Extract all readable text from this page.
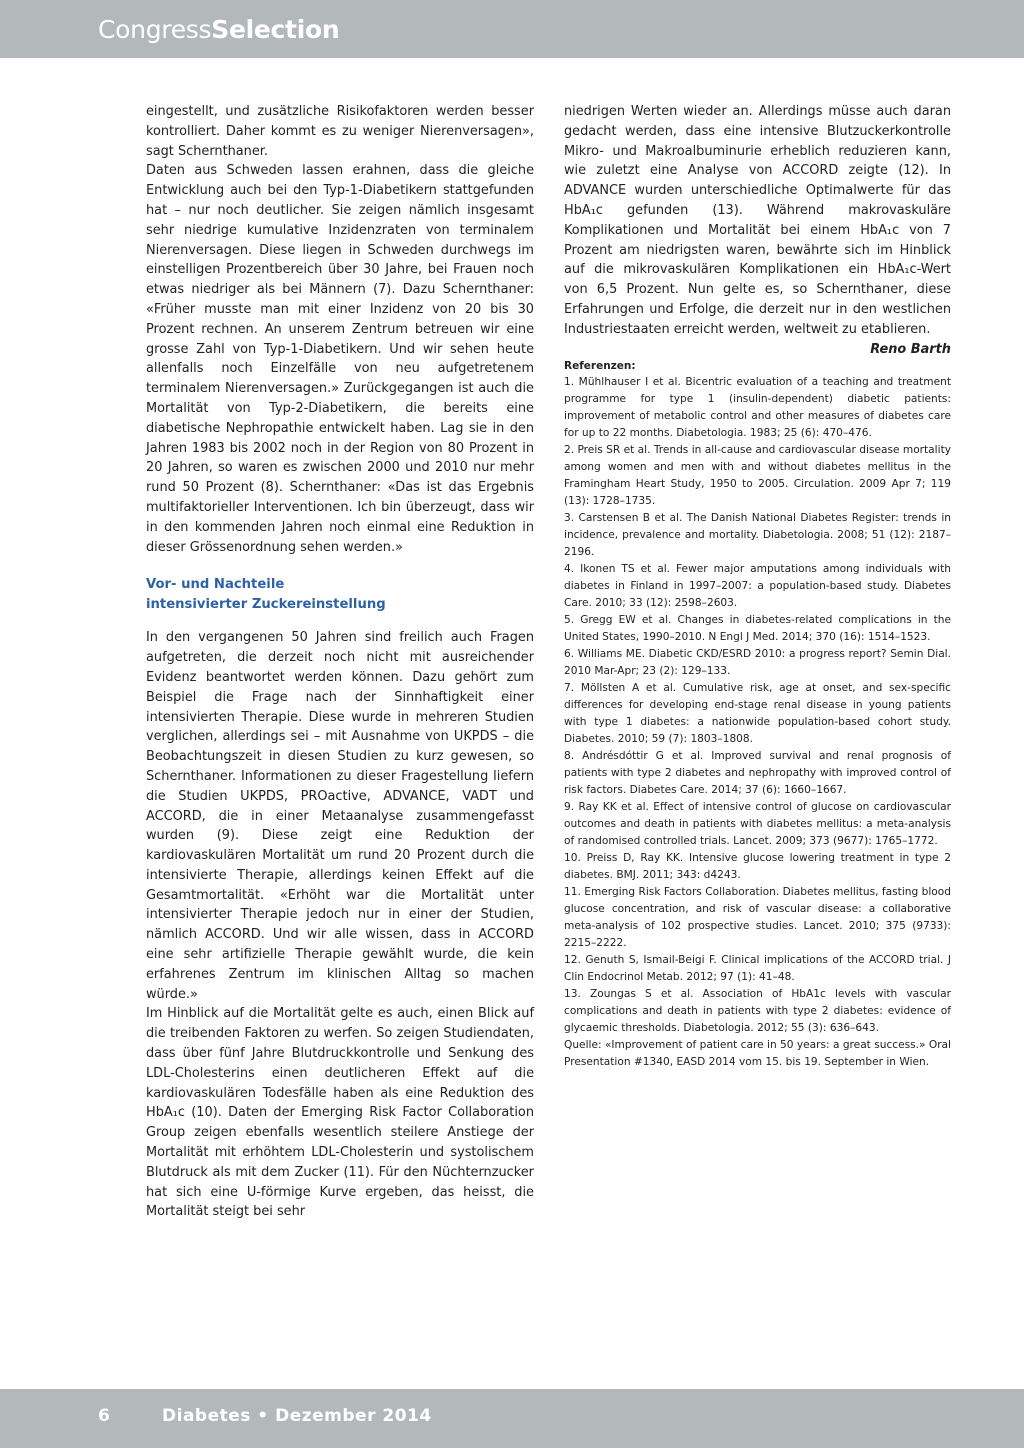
CongressSelection

eingestellt, und zusätzliche Risikofaktoren werden besser kontrolliert. Daher kommt es zu weniger Nierenversagen», sagt Schernthaner.

Daten aus Schweden lassen erahnen, dass die gleiche Entwicklung auch bei den Typ-1-Diabetikern stattgefunden hat – nur noch deutlicher. Sie zeigen nämlich insgesamt sehr niedrige kumulative Inzidenzraten von terminalem Nierenversagen. Diese liegen in Schweden durchwegs im einstelligen Prozentbereich über 30 Jahre, bei Frauen noch etwas niedriger als bei Männern (7). Dazu Schernthaner: «Früher musste man mit einer Inzidenz von 20 bis 30 Prozent rechnen. An unserem Zentrum betreuen wir eine grosse Zahl von Typ-1-Diabetikern. Und wir sehen heute allenfalls noch Einzelfälle von neu aufgetretenem terminalem Nierenversagen.» Zurückgegangen ist auch die Mortalität von Typ-2-Diabetikern, die bereits eine diabetische Nephropathie entwickelt haben. Lag sie in den Jahren 1983 bis 2002 noch in der Region von 80 Prozent in 20 Jahren, so waren es zwischen 2000 und 2010 nur mehr rund 50 Prozent (8). Schernthaner: «Das ist das Ergebnis multifaktorieller Interventionen. Ich bin überzeugt, dass wir in den kommenden Jahren noch einmal eine Reduktion in dieser Grössenordnung sehen werden.»

Vor- und Nachteile
intensivierter Zuckereinstellung

In den vergangenen 50 Jahren sind freilich auch Fragen aufgetreten, die derzeit noch nicht mit ausreichender Evidenz beantwortet werden können. Dazu gehört zum Beispiel die Frage nach der Sinnhaftigkeit einer intensivierten Therapie. Diese wurde in mehreren Studien verglichen, allerdings sei – mit Ausnahme von UKPDS – die Beobachtungszeit in diesen Studien zu kurz gewesen, so Schernthaner. Informationen zu dieser Fragestellung liefern die Studien UKPDS, PROactive, ADVANCE, VADT und ACCORD, die in einer Metaanalyse zusammengefasst wurden (9). Diese zeigt eine Reduktion der kardiovaskulären Mortalität um rund 20 Prozent durch die intensivierte Therapie, allerdings keinen Effekt auf die Gesamtmortalität. «Erhöht war die Mortalität unter intensivierter Therapie jedoch nur in einer der Studien, nämlich ACCORD. Und wir alle wissen, dass in ACCORD eine sehr artifizielle Therapie gewählt wurde, die kein erfahrenes Zentrum im klinischen Alltag so machen würde.»

Im Hinblick auf die Mortalität gelte es auch, einen Blick auf die treibenden Faktoren zu werfen. So zeigen Studiendaten, dass über fünf Jahre Blutdruckkontrolle und Senkung des LDL-Cholesterins einen deutlicheren Effekt auf die kardiovaskulären Todesfälle haben als eine Reduktion des HbA₁c (10). Daten der Emerging Risk Factor Collaboration Group zeigen ebenfalls wesentlich steilere Anstiege der Mortalität mit erhöhtem LDL-Cholesterin und systolischem Blutdruck als mit dem Zucker (11). Für den Nüchternzucker hat sich eine U-förmige Kurve ergeben, das heisst, die Mortalität steigt bei sehr

niedrigen Werten wieder an. Allerdings müsse auch daran gedacht werden, dass eine intensive Blutzuckerkontrolle Mikro- und Makroalbuminurie erheblich reduzieren kann, wie zuletzt eine Analyse von ACCORD zeigte (12). In ADVANCE wurden unterschiedliche Optimalwerte für das HbA₁c gefunden (13). Während makrovaskuläre Komplikationen und Mortalität bei einem HbA₁c von 7 Prozent am niedrigsten waren, bewährte sich im Hinblick auf die mikrovaskulären Komplikationen ein HbA₁c-Wert von 6,5 Prozent. Nun gelte es, so Schernthaner, diese Erfahrungen und Erfolge, die derzeit nur in den westlichen Industriestaaten erreicht werden, weltweit zu etablieren.

Reno Barth

Referenzen:

1. Mühlhauser I et al. Bicentric evaluation of a teaching and treatment programme for type 1 (insulin-dependent) diabetic patients: improvement of metabolic control and other measures of diabetes care for up to 22 months. Diabetologia. 1983; 25 (6): 470–476.

2. Preis SR et al. Trends in all-cause and cardiovascular disease mortality among women and men with and without diabetes mellitus in the Framingham Heart Study, 1950 to 2005. Circulation. 2009 Apr 7; 119 (13): 1728–1735.

3. Carstensen B et al. The Danish National Diabetes Register: trends in incidence, prevalence and mortality. Diabetologia. 2008; 51 (12): 2187–2196.

4. Ikonen TS et al. Fewer major amputations among individuals with diabetes in Finland in 1997–2007: a population-based study. Diabetes Care. 2010; 33 (12): 2598–2603.

5. Gregg EW et al. Changes in diabetes-related complications in the United States, 1990–2010. N Engl J Med. 2014; 370 (16): 1514–1523.

6. Williams ME. Diabetic CKD/ESRD 2010: a progress report? Semin Dial. 2010 Mar-Apr; 23 (2): 129–133.

7. Möllsten A et al. Cumulative risk, age at onset, and sex-specific differences for developing end-stage renal disease in young patients with type 1 diabetes: a nationwide population-based cohort study. Diabetes. 2010; 59 (7): 1803–1808.

8. Andrésdóttir G et al. Improved survival and renal prognosis of patients with type 2 diabetes and nephropathy with improved control of risk factors. Diabetes Care. 2014; 37 (6): 1660–1667.

9. Ray KK et al. Effect of intensive control of glucose on cardiovascular outcomes and death in patients with diabetes mellitus: a meta-analysis of randomised controlled trials. Lancet. 2009; 373 (9677): 1765–1772.

10. Preiss D, Ray KK. Intensive glucose lowering treatment in type 2 diabetes. BMJ. 2011; 343: d4243.

11. Emerging Risk Factors Collaboration. Diabetes mellitus, fasting blood glucose concentration, and risk of vascular disease: a collaborative meta-analysis of 102 prospective studies. Lancet. 2010; 375 (9733): 2215–2222.

12. Genuth S, Ismail-Beigi F. Clinical implications of the ACCORD trial. J Clin Endocrinol Metab. 2012; 97 (1): 41–48.

13. Zoungas S et al. Association of HbA1c levels with vascular complications and death in patients with type 2 diabetes: evidence of glycaemic thresholds. Diabetologia. 2012; 55 (3): 636–643.

Quelle: «Improvement of patient care in 50 years: a great success.» Oral Presentation #1340, EASD 2014 vom 15. bis 19. September in Wien.

6	Diabetes • Dezember 2014
